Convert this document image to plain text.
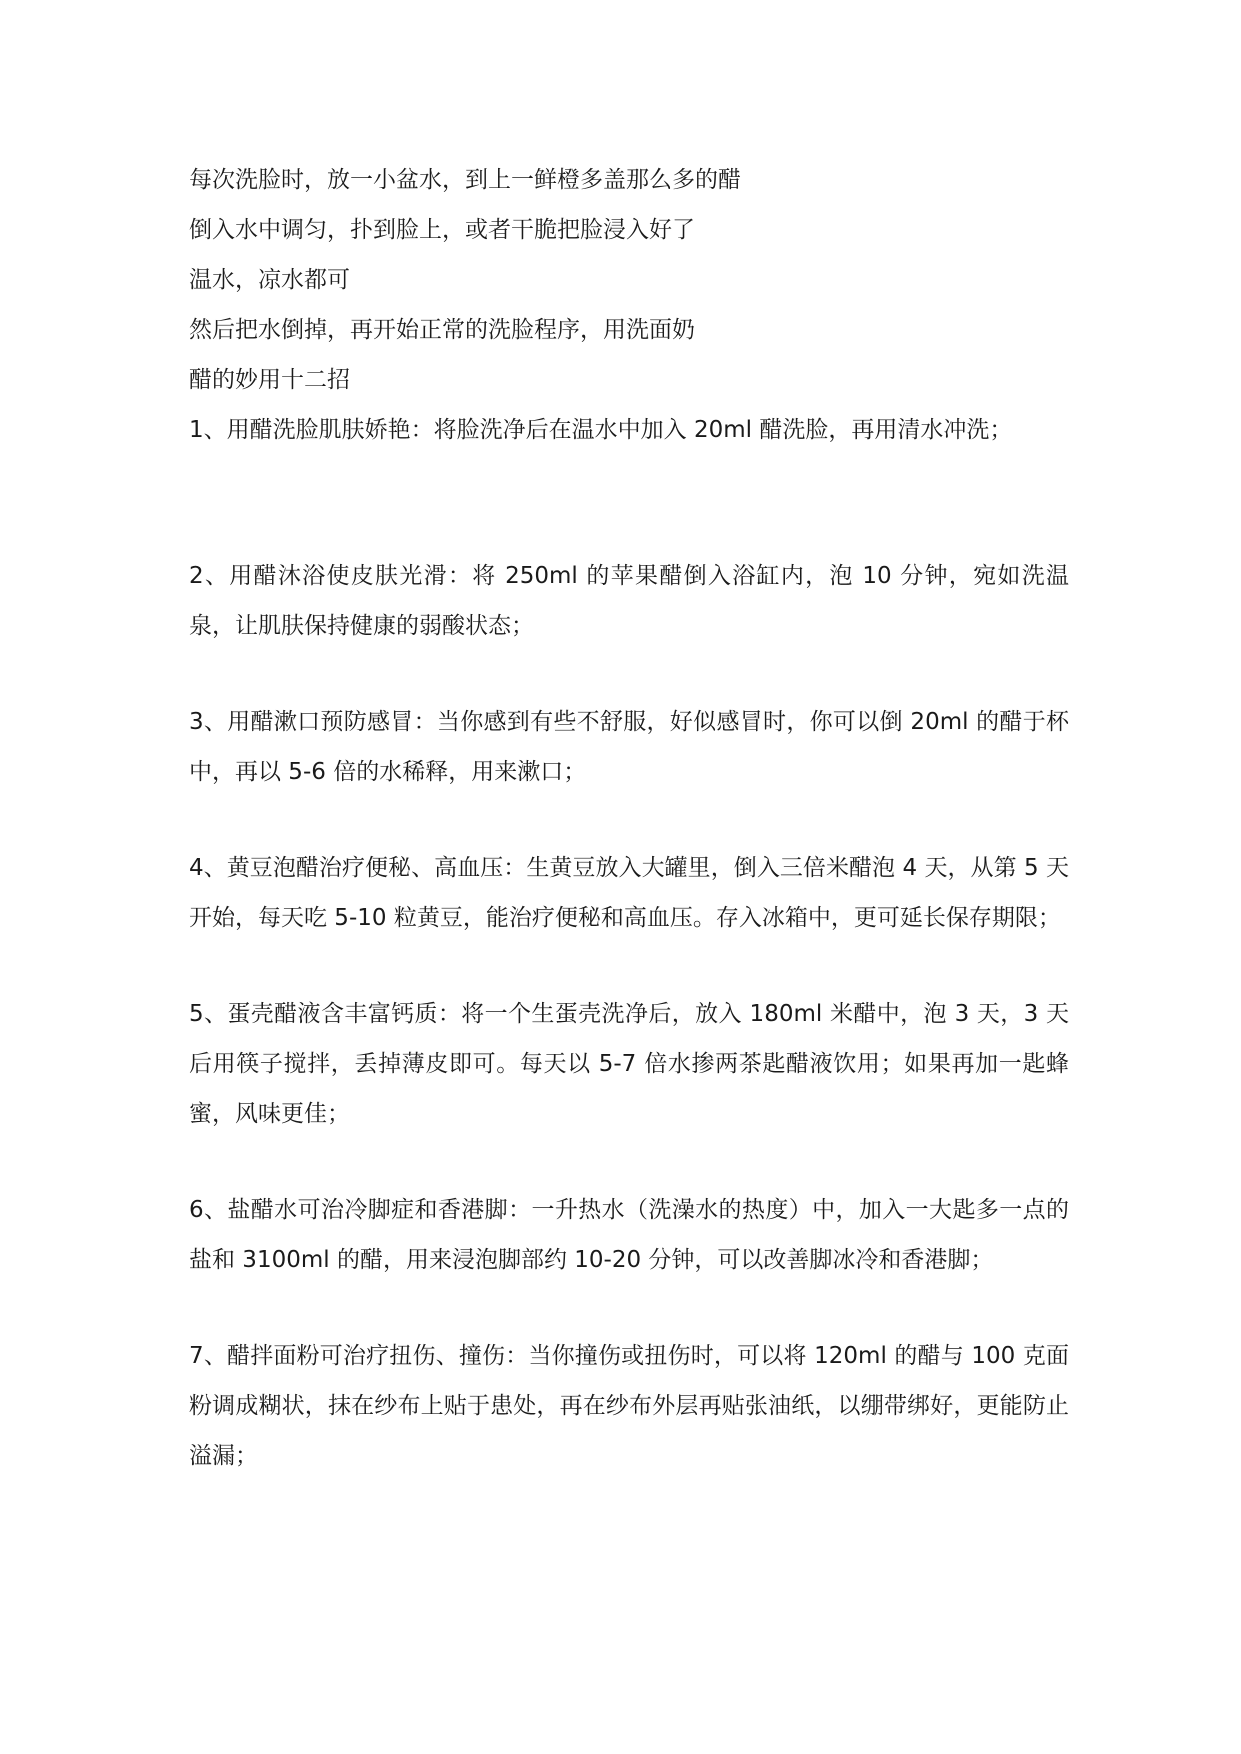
每次洗脸时，放一小盆水，到上一鲜橙多盖那么多的醋

倒入水中调匀，扑到脸上，或者干脆把脸浸入好了

温水，凉水都可

然后把水倒掉，再开始正常的洗脸程序，用洗面奶

醋的妙用十二招

1、用醋洗脸肌肤娇艳：将脸洗净后在温水中加入 20ml 醋洗脸，再用清水冲洗；

2、用醋沐浴使皮肤光滑：将 250ml 的苹果醋倒入浴缸内，泡 10 分钟，宛如洗温泉，让肌肤保持健康的弱酸状态；

3、用醋漱口预防感冒：当你感到有些不舒服，好似感冒时，你可以倒 20ml 的醋于杯中，再以 5-6 倍的水稀释，用来漱口；

4、黄豆泡醋治疗便秘、高血压：生黄豆放入大罐里，倒入三倍米醋泡 4 天，从第 5 天开始，每天吃 5-10 粒黄豆，能治疗便秘和高血压。存入冰箱中，更可延长保存期限；

5、蛋壳醋液含丰富钙质：将一个生蛋壳洗净后，放入 180ml 米醋中，泡 3 天，3 天后用筷子搅拌，丢掉薄皮即可。每天以 5-7 倍水掺两茶匙醋液饮用；如果再加一匙蜂蜜，风味更佳；

6、盐醋水可治冷脚症和香港脚：一升热水（洗澡水的热度）中，加入一大匙多一点的盐和 3100ml 的醋，用来浸泡脚部约 10-20 分钟，可以改善脚冰冷和香港脚；

7、醋拌面粉可治疗扭伤、撞伤：当你撞伤或扭伤时，可以将 120ml 的醋与 100 克面粉调成糊状，抹在纱布上贴于患处，再在纱布外层再贴张油纸，以绷带绑好，更能防止溢漏；
